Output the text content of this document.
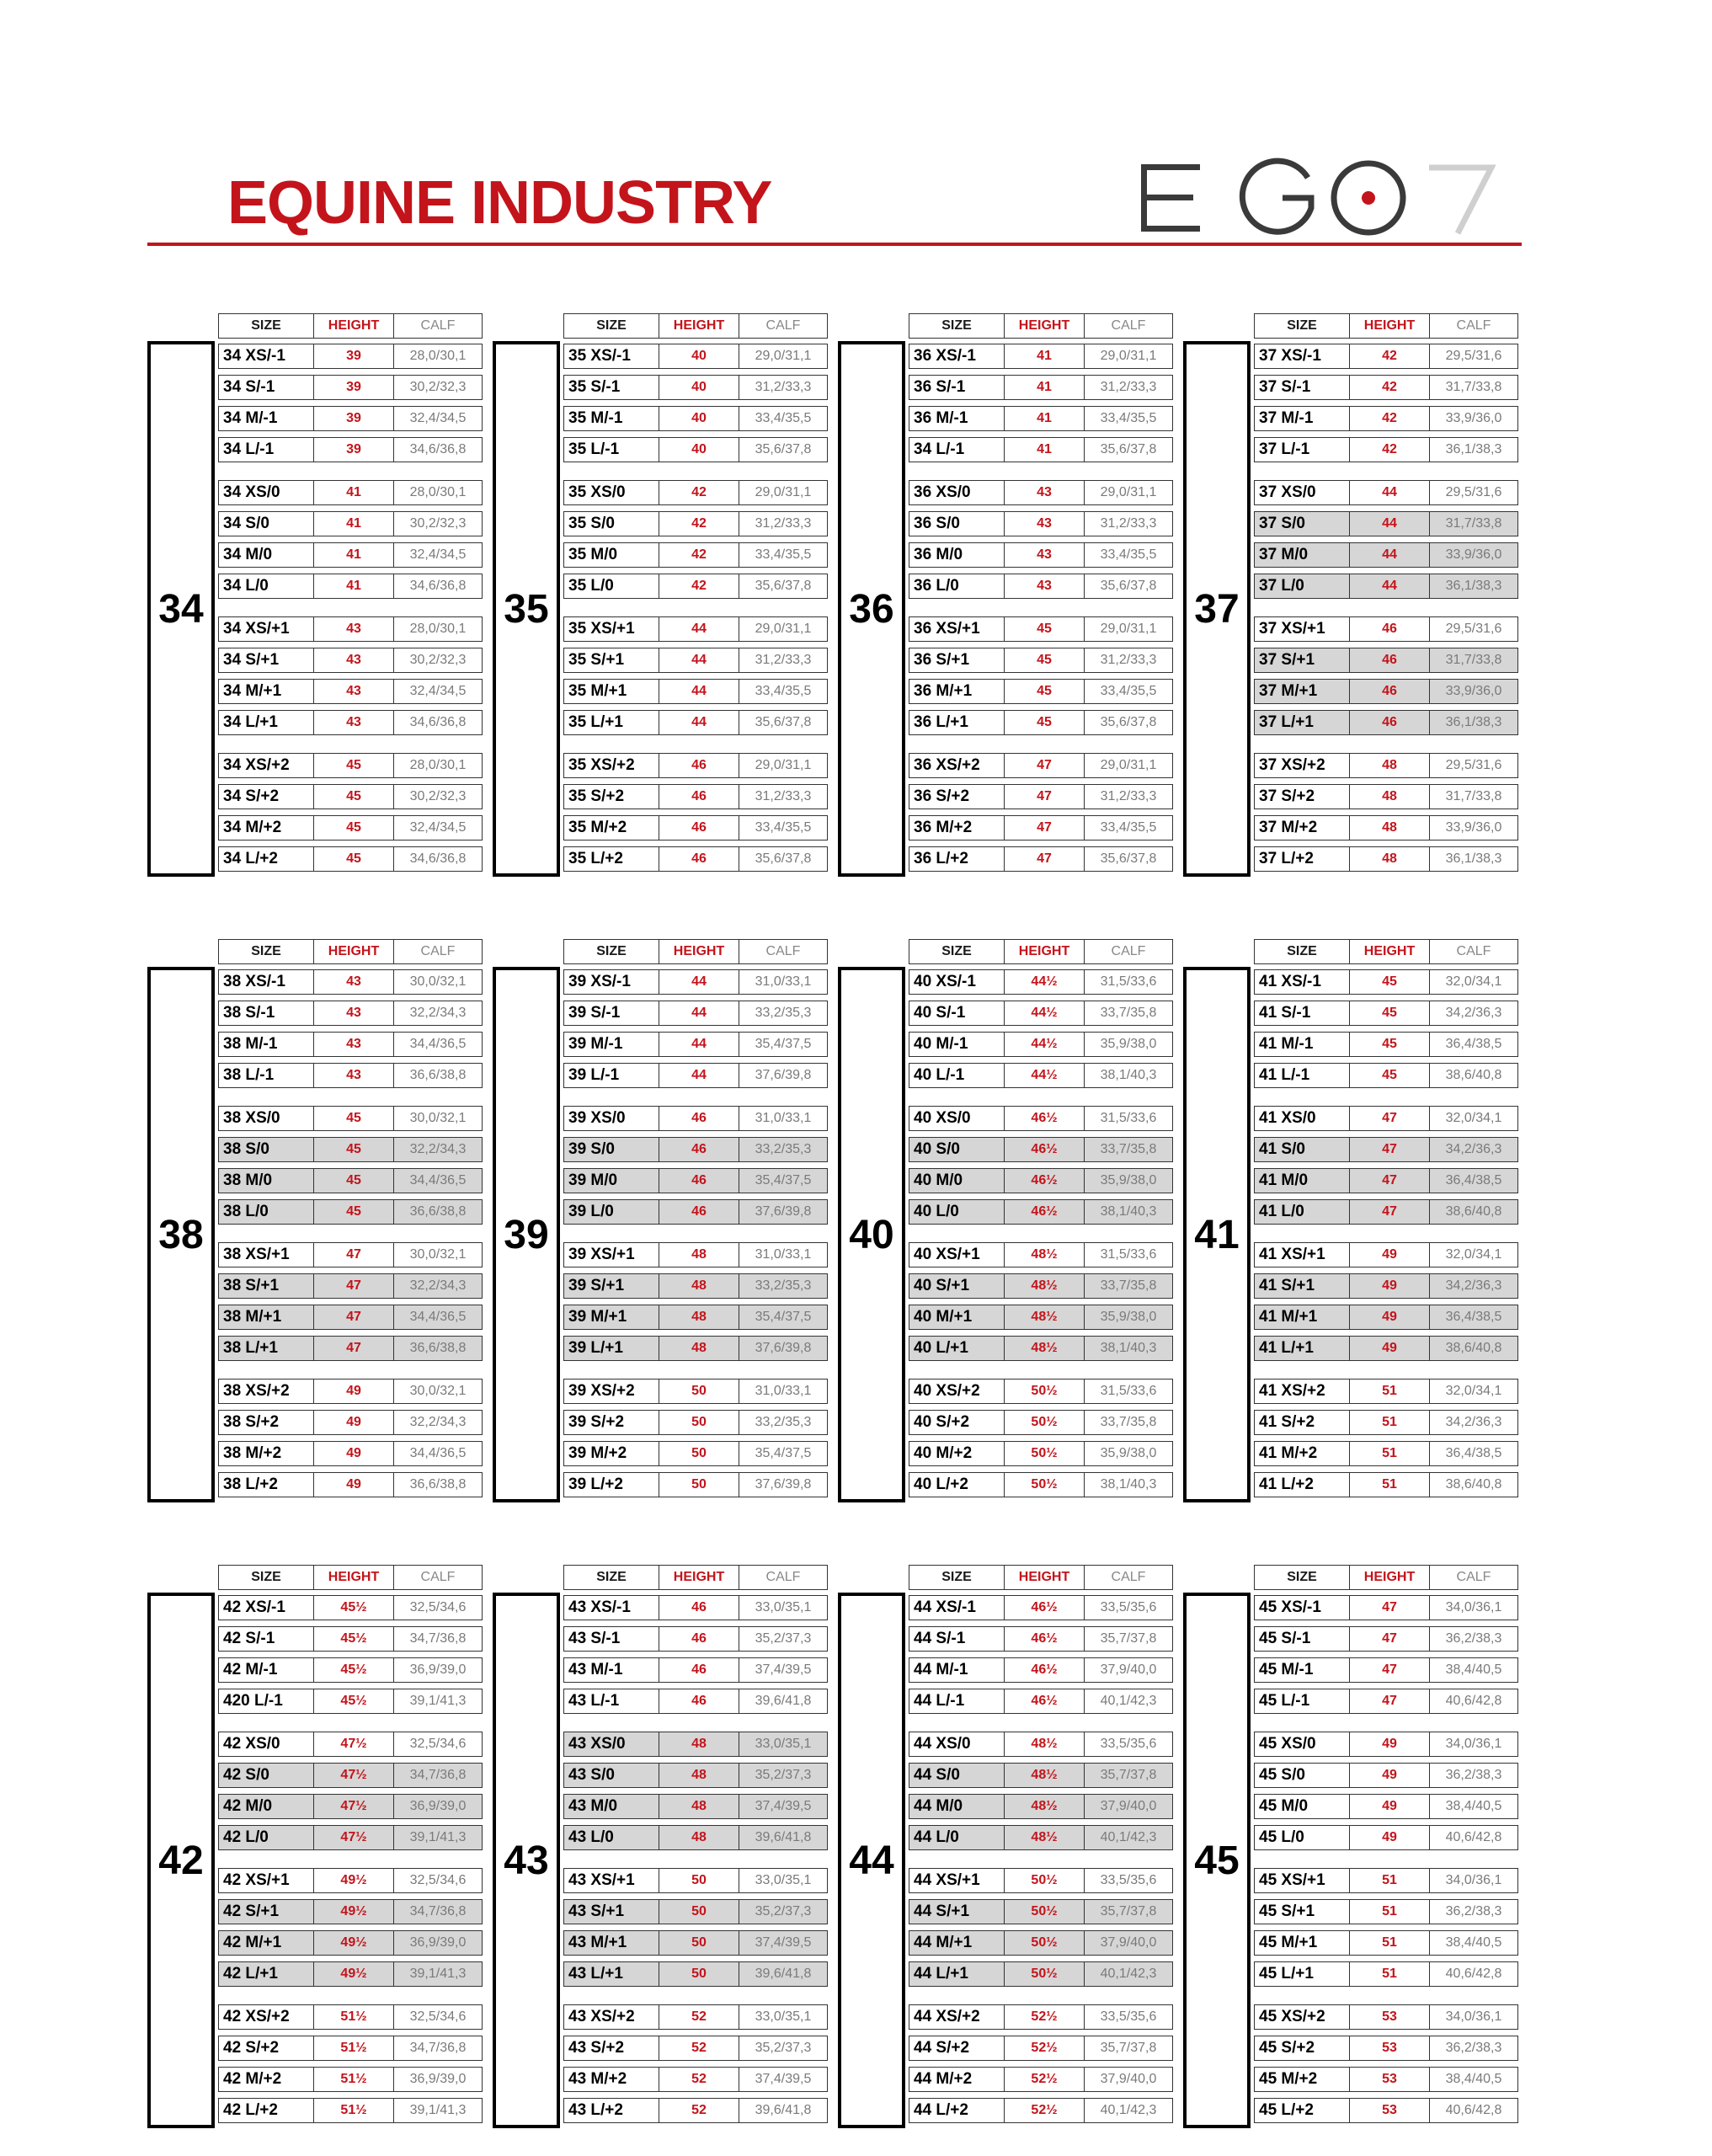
EQUINE INDUSTRY
34
SIZE	HEIGHT	CALF
34 XS/-1	39	28,0/30,1
34 S/-1	39	30,2/32,3
34 M/-1	39	32,4/34,5
34 L/-1	39	34,6/36,8
34 XS/0	41	28,0/30,1
34 S/0	41	30,2/32,3
34 M/0	41	32,4/34,5
34 L/0	41	34,6/36,8
34 XS/+1	43	28,0/30,1
34 S/+1	43	30,2/32,3
34 M/+1	43	32,4/34,5
34 L/+1	43	34,6/36,8
34 XS/+2	45	28,0/30,1
34 S/+2	45	30,2/32,3
34 M/+2	45	32,4/34,5
34 L/+2	45	34,6/36,8
35
SIZE	HEIGHT	CALF
35 XS/-1	40	29,0/31,1
35 S/-1	40	31,2/33,3
35 M/-1	40	33,4/35,5
35 L/-1	40	35,6/37,8
35 XS/0	42	29,0/31,1
35 S/0	42	31,2/33,3
35 M/0	42	33,4/35,5
35 L/0	42	35,6/37,8
35 XS/+1	44	29,0/31,1
35 S/+1	44	31,2/33,3
35 M/+1	44	33,4/35,5
35 L/+1	44	35,6/37,8
35 XS/+2	46	29,0/31,1
35 S/+2	46	31,2/33,3
35 M/+2	46	33,4/35,5
35 L/+2	46	35,6/37,8
36
SIZE	HEIGHT	CALF
36 XS/-1	41	29,0/31,1
36 S/-1	41	31,2/33,3
36 M/-1	41	33,4/35,5
34 L/-1	41	35,6/37,8
36 XS/0	43	29,0/31,1
36 S/0	43	31,2/33,3
36 M/0	43	33,4/35,5
36 L/0	43	35,6/37,8
36 XS/+1	45	29,0/31,1
36 S/+1	45	31,2/33,3
36 M/+1	45	33,4/35,5
36 L/+1	45	35,6/37,8
36 XS/+2	47	29,0/31,1
36 S/+2	47	31,2/33,3
36 M/+2	47	33,4/35,5
36 L/+2	47	35,6/37,8
37
SIZE	HEIGHT	CALF
37 XS/-1	42	29,5/31,6
37 S/-1	42	31,7/33,8
37 M/-1	42	33,9/36,0
37 L/-1	42	36,1/38,3
37 XS/0	44	29,5/31,6
37 S/0	44	31,7/33,8
37 M/0	44	33,9/36,0
37 L/0	44	36,1/38,3
37 XS/+1	46	29,5/31,6
37 S/+1	46	31,7/33,8
37 M/+1	46	33,9/36,0
37 L/+1	46	36,1/38,3
37 XS/+2	48	29,5/31,6
37 S/+2	48	31,7/33,8
37 M/+2	48	33,9/36,0
37 L/+2	48	36,1/38,3
38
SIZE	HEIGHT	CALF
38 XS/-1	43	30,0/32,1
38 S/-1	43	32,2/34,3
38 M/-1	43	34,4/36,5
38 L/-1	43	36,6/38,8
38 XS/0	45	30,0/32,1
38 S/0	45	32,2/34,3
38 M/0	45	34,4/36,5
38 L/0	45	36,6/38,8
38 XS/+1	47	30,0/32,1
38 S/+1	47	32,2/34,3
38 M/+1	47	34,4/36,5
38 L/+1	47	36,6/38,8
38 XS/+2	49	30,0/32,1
38 S/+2	49	32,2/34,3
38 M/+2	49	34,4/36,5
38 L/+2	49	36,6/38,8
39
SIZE	HEIGHT	CALF
39 XS/-1	44	31,0/33,1
39 S/-1	44	33,2/35,3
39 M/-1	44	35,4/37,5
39 L/-1	44	37,6/39,8
39 XS/0	46	31,0/33,1
39 S/0	46	33,2/35,3
39 M/0	46	35,4/37,5
39 L/0	46	37,6/39,8
39 XS/+1	48	31,0/33,1
39 S/+1	48	33,2/35,3
39 M/+1	48	35,4/37,5
39 L/+1	48	37,6/39,8
39 XS/+2	50	31,0/33,1
39 S/+2	50	33,2/35,3
39 M/+2	50	35,4/37,5
39 L/+2	50	37,6/39,8
40
SIZE	HEIGHT	CALF
40 XS/-1	44½	31,5/33,6
40 S/-1	44½	33,7/35,8
40 M/-1	44½	35,9/38,0
40 L/-1	44½	38,1/40,3
40 XS/0	46½	31,5/33,6
40 S/0	46½	33,7/35,8
40 M/0	46½	35,9/38,0
40 L/0	46½	38,1/40,3
40 XS/+1	48½	31,5/33,6
40 S/+1	48½	33,7/35,8
40 M/+1	48½	35,9/38,0
40 L/+1	48½	38,1/40,3
40 XS/+2	50½	31,5/33,6
40 S/+2	50½	33,7/35,8
40 M/+2	50½	35,9/38,0
40 L/+2	50½	38,1/40,3
41
SIZE	HEIGHT	CALF
41 XS/-1	45	32,0/34,1
41 S/-1	45	34,2/36,3
41 M/-1	45	36,4/38,5
41 L/-1	45	38,6/40,8
41 XS/0	47	32,0/34,1
41 S/0	47	34,2/36,3
41 M/0	47	36,4/38,5
41 L/0	47	38,6/40,8
41 XS/+1	49	32,0/34,1
41 S/+1	49	34,2/36,3
41 M/+1	49	36,4/38,5
41 L/+1	49	38,6/40,8
41 XS/+2	51	32,0/34,1
41 S/+2	51	34,2/36,3
41 M/+2	51	36,4/38,5
41 L/+2	51	38,6/40,8
42
SIZE	HEIGHT	CALF
42 XS/-1	45½	32,5/34,6
42 S/-1	45½	34,7/36,8
42 M/-1	45½	36,9/39,0
420 L/-1	45½	39,1/41,3
42 XS/0	47½	32,5/34,6
42 S/0	47½	34,7/36,8
42 M/0	47½	36,9/39,0
42 L/0	47½	39,1/41,3
42 XS/+1	49½	32,5/34,6
42 S/+1	49½	34,7/36,8
42 M/+1	49½	36,9/39,0
42 L/+1	49½	39,1/41,3
42 XS/+2	51½	32,5/34,6
42 S/+2	51½	34,7/36,8
42 M/+2	51½	36,9/39,0
42 L/+2	51½	39,1/41,3
43
SIZE	HEIGHT	CALF
43 XS/-1	46	33,0/35,1
43 S/-1	46	35,2/37,3
43 M/-1	46	37,4/39,5
43 L/-1	46	39,6/41,8
43 XS/0	48	33,0/35,1
43 S/0	48	35,2/37,3
43 M/0	48	37,4/39,5
43 L/0	48	39,6/41,8
43 XS/+1	50	33,0/35,1
43 S/+1	50	35,2/37,3
43 M/+1	50	37,4/39,5
43 L/+1	50	39,6/41,8
43 XS/+2	52	33,0/35,1
43 S/+2	52	35,2/37,3
43 M/+2	52	37,4/39,5
43 L/+2	52	39,6/41,8
44
SIZE	HEIGHT	CALF
44 XS/-1	46½	33,5/35,6
44 S/-1	46½	35,7/37,8
44 M/-1	46½	37,9/40,0
44 L/-1	46½	40,1/42,3
44 XS/0	48½	33,5/35,6
44 S/0	48½	35,7/37,8
44 M/0	48½	37,9/40,0
44 L/0	48½	40,1/42,3
44 XS/+1	50½	33,5/35,6
44 S/+1	50½	35,7/37,8
44 M/+1	50½	37,9/40,0
44 L/+1	50½	40,1/42,3
44 XS/+2	52½	33,5/35,6
44 S/+2	52½	35,7/37,8
44 M/+2	52½	37,9/40,0
44 L/+2	52½	40,1/42,3
45
SIZE	HEIGHT	CALF
45 XS/-1	47	34,0/36,1
45 S/-1	47	36,2/38,3
45 M/-1	47	38,4/40,5
45 L/-1	47	40,6/42,8
45 XS/0	49	34,0/36,1
45 S/0	49	36,2/38,3
45 M/0	49	38,4/40,5
45 L/0	49	40,6/42,8
45 XS/+1	51	34,0/36,1
45 S/+1	51	36,2/38,3
45 M/+1	51	38,4/40,5
45 L/+1	51	40,6/42,8
45 XS/+2	53	34,0/36,1
45 S/+2	53	36,2/38,3
45 M/+2	53	38,4/40,5
45 L/+2	53	40,6/42,8
